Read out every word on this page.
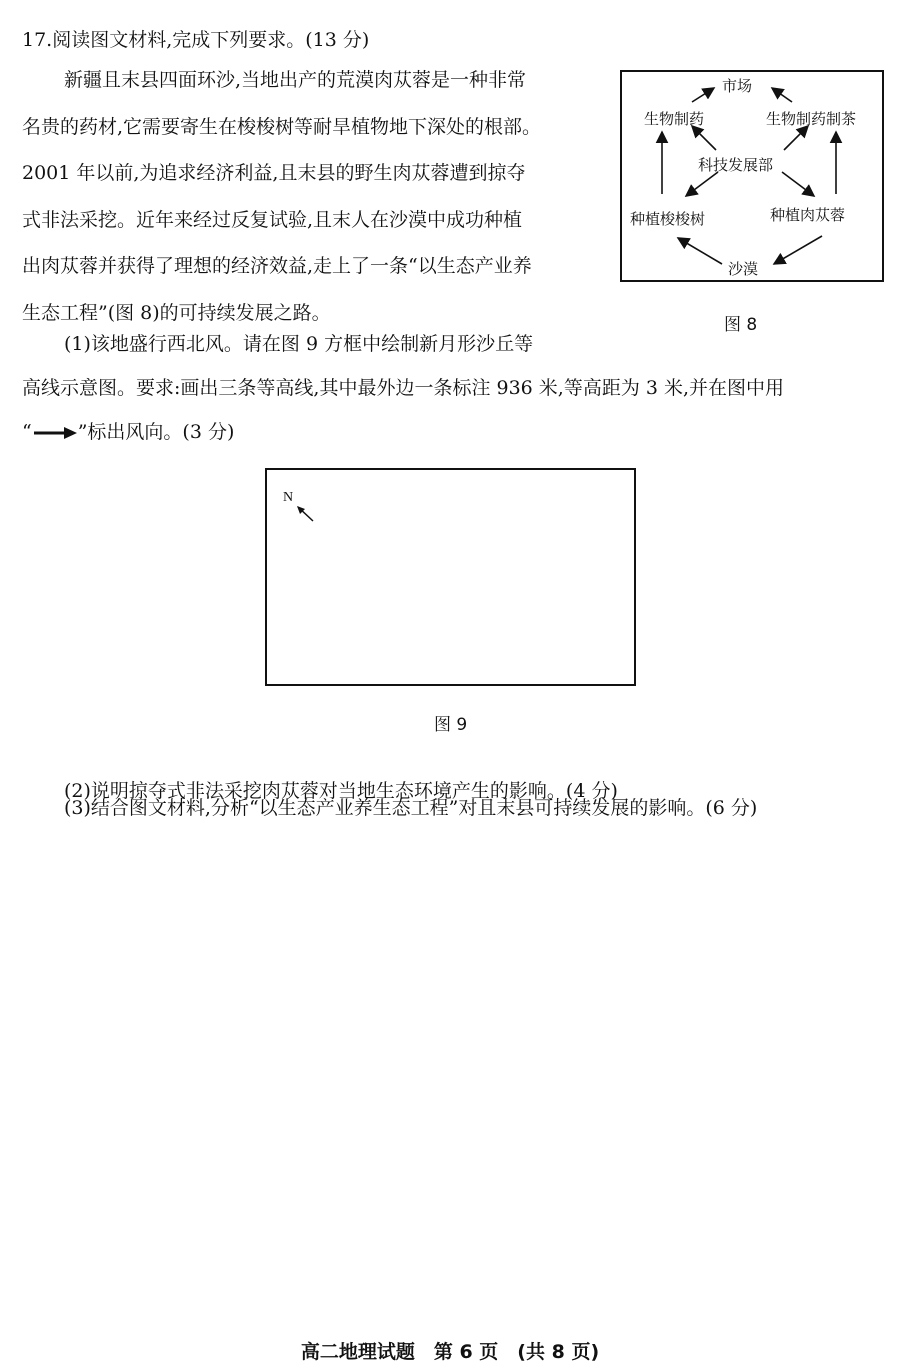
17.阅读图文材料,完成下列要求。(13 分)

新疆且末县四面环沙,当地出产的荒漠肉苁蓉是一种非常

名贵的药材,它需要寄生在梭梭树等耐旱植物地下深处的根部。

2001 年以前,为追求经济利益,且末县的野生肉苁蓉遭到掠夺

式非法采挖。近年来经过反复试验,且末人在沙漠中成功种植

出肉苁蓉并获得了理想的经济效益,走上了一条“以生态产业养

生态工程”(图 8)的可持续发展之路。

市场
生物制药	生物制药制茶
科技发展部
种植梭梭树	种植肉苁蓉
沙漠
图 8

(1)该地盛行西北风。请在图 9 方框中绘制新月形沙丘等

高线示意图。要求:画出三条等高线,其中最外边一条标注 936 米,等高距为 3 米,并在图中用

“ ”标出风向。(3 分)

N
图 9
(2)说明掠夺式非法采挖肉苁蓉对当地生态环境产生的影响。(4 分)
(3)结合图文材料,分析“以生态产业养生态工程”对且末县可持续发展的影响。(6 分)
高二地理试题　第 6 页　(共 8 页)
